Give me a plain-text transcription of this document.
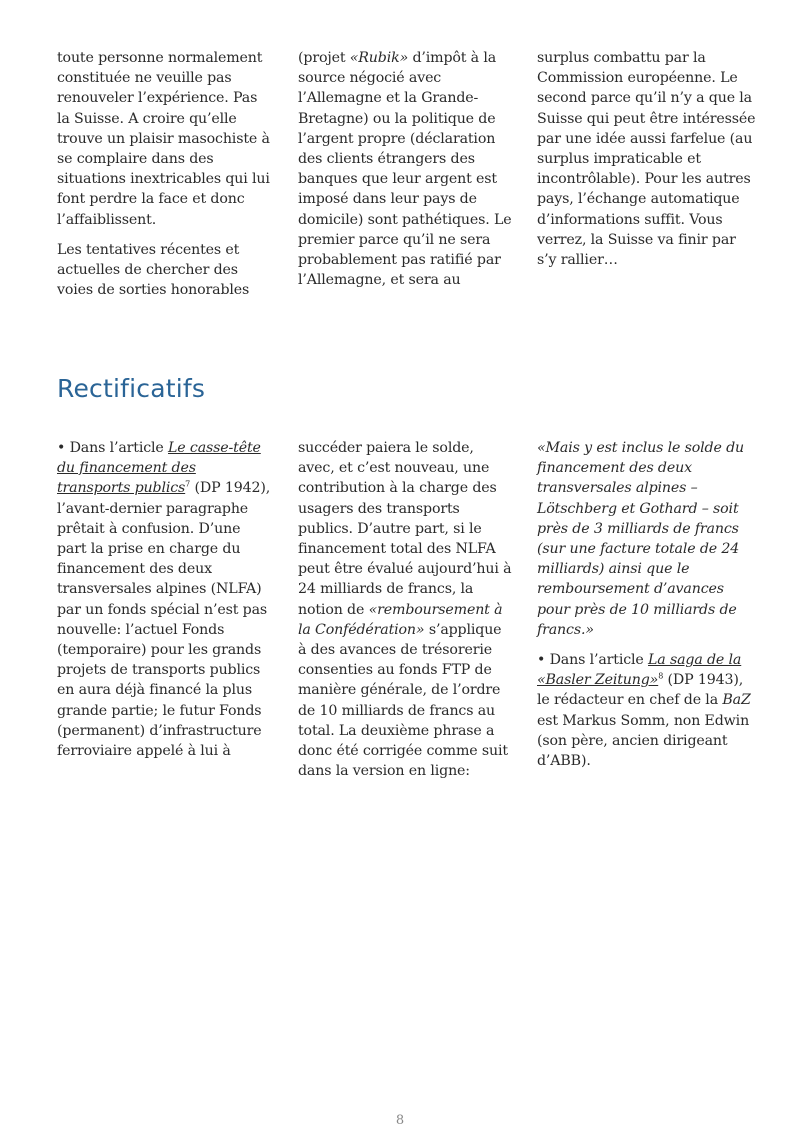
toute personne normalement constituée ne veuille pas renouveler l’expérience. Pas la Suisse. A croire qu’elle trouve un plaisir masochiste à se complaire dans des situations inextricables qui lui font perdre la face et donc l’affaiblissent.

Les tentatives récentes et actuelles de chercher des voies de sorties honorables

(projet «Rubik» d’impôt à la source négocié avec l’Allemagne et la Grande-Bretagne) ou la politique de l’argent propre (déclaration des clients étrangers des banques que leur argent est imposé dans leur pays de domicile) sont pathétiques. Le premier parce qu’il ne sera probablement pas ratifié par l’Allemagne, et sera au

surplus combattu par la Commission européenne. Le second parce qu’il n’y a que la Suisse qui peut être intéressée par une idée aussi farfelue (au surplus impraticable et incontrôlable). Pour les autres pays, l’échange automatique d’informations suffit. Vous verrez, la Suisse va finir par s’y rallier…

Rectificatifs

• Dans l’article Le casse-tête du financement des transports publics$^7$ (DP 1942), l’avant-dernier paragraphe prêtait à confusion. D’une part la prise en charge du financement des deux transversales alpines (NLFA) par un fonds spécial n’est pas nouvelle: l’actuel Fonds (temporaire) pour les grands projets de transports publics en aura déjà financé la plus grande partie; le futur Fonds (permanent) d’infrastructure ferroviaire appelé à lui à

succéder paiera le solde, avec, et c’est nouveau, une contribution à la charge des usagers des transports publics. D’autre part, si le financement total des NLFA peut être évalué aujourd’hui à 24 milliards de francs, la notion de «remboursement à la Confédération» s’applique à des avances de trésorerie consenties au fonds FTP de manière générale, de l’ordre de 10 milliards de francs au total. La deuxième phrase a donc été corrigée comme suit dans la version en ligne:

«Mais y est inclus le solde du financement des deux transversales alpines – Lötschberg et Gothard – soit près de 3 milliards de francs (sur une facture totale de 24 milliards) ainsi que le remboursement d’avances pour près de 10 milliards de francs.»

• Dans l’article La saga de la «Basler Zeitung»$^8$ (DP 1943), le rédacteur en chef de la BaZ est Markus Somm, non Edwin (son père, ancien dirigeant d’ABB).

8
